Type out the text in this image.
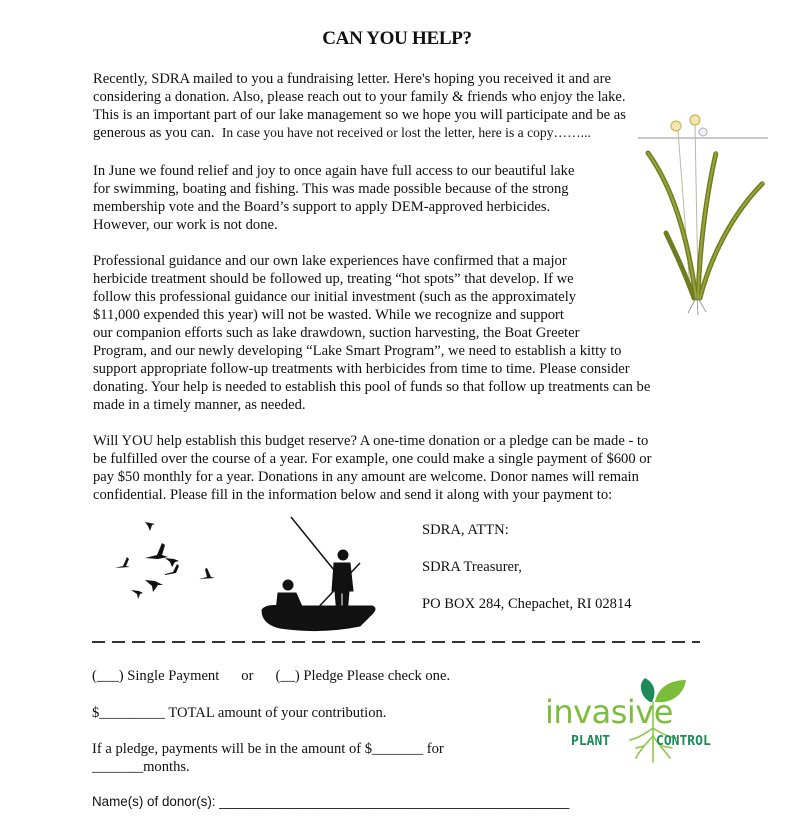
CAN YOU HELP?

Recently, SDRA mailed to you a fundraising letter. Here's hoping you received it and are
considering a donation. Also, please reach out to your family & friends who enjoy the lake.
This is an important part of our lake management so we hope you will participate and be as
generous as you can. In case you have not received or lost the letter, here is a copy……...

In June we found relief and joy to once again have full access to our beautiful lake
for swimming, boating and fishing. This was made possible because of the strong
membership vote and the Board’s support to apply DEM-approved herbicides.
However, our work is not done.

Professional guidance and our own lake experiences have confirmed that a major
herbicide treatment should be followed up, treating “hot spots” that develop. If we
follow this professional guidance our initial investment (such as the approximately
$11,000 expended this year) will not be wasted. While we recognize and support
our companion efforts such as lake drawdown, suction harvesting, the Boat Greeter
Program, and our newly developing “Lake Smart Program”, we need to establish a kitty to
support appropriate follow-up treatments with herbicides from time to time. Please consider
donating. Your help is needed to establish this pool of funds so that follow up treatments can be
made in a timely manner, as needed.

Will YOU help establish this budget reserve? A one-time donation or a pledge can be made - to
be fulfilled over the course of a year. For example, one could make a single payment of $600 or
pay $50 monthly for a year. Donations in any amount are welcome. Donor names will remain
confidential. Please fill in the information below and send it along with your payment to:

SDRA, ATTN:
SDRA Treasurer,
PO BOX 284, Chepachet, RI 02814
(___) Single Payment or (__) Pledge Please check one.
$_________ TOTAL amount of your contribution.
If a pledge, payments will be in the amount of $_______ for
_______months.
Name(s) of donor(s): _______________________________________________
invasive
PLANT	CONTROL
